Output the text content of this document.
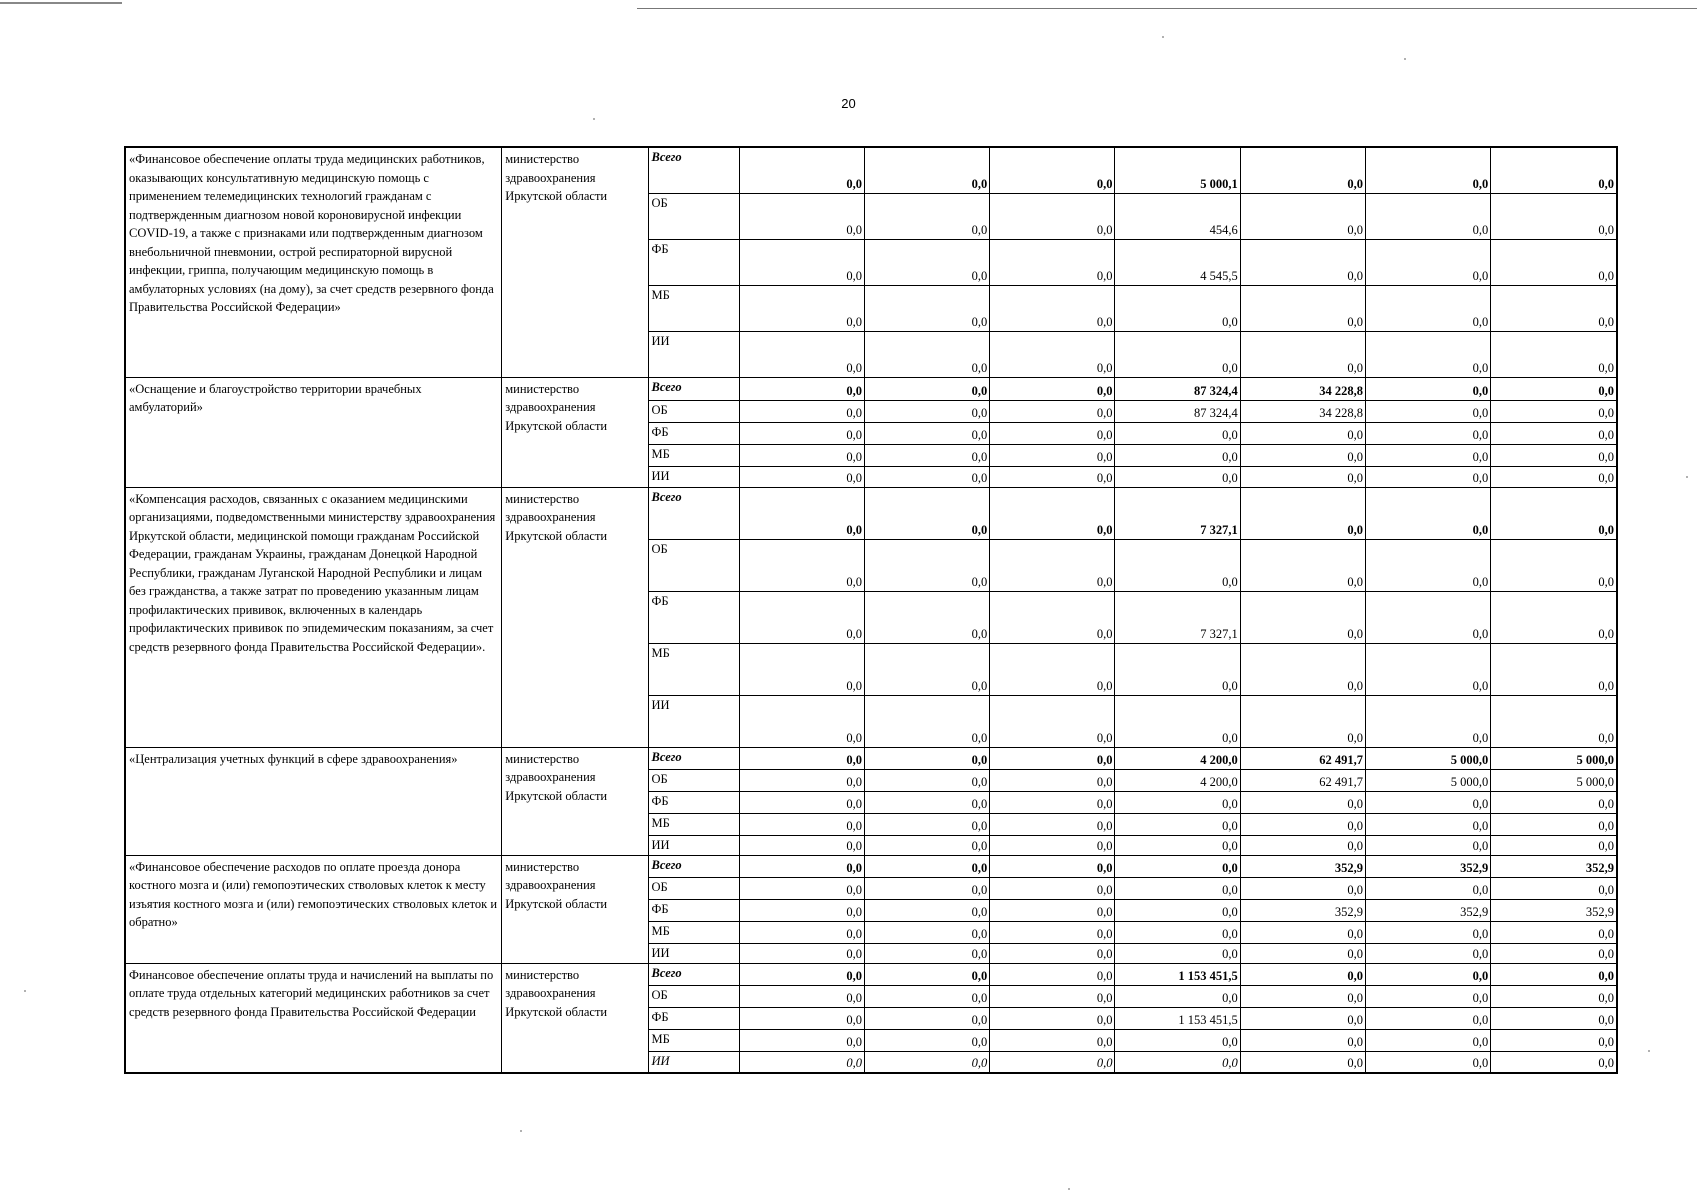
20
«Финансовое обеспечение оплаты труда медицинских работников, оказывающих консультативную медицинскую помощь с применением телемедицинских технологий гражданам с подтвержденным диагнозом новой короновирусной инфекции COVID-19, а также с признаками или подтвержденным диагнозом внебольничной пневмонии, острой респираторной вирусной инфекции, гриппа, получающим медицинскую помощь в амбулаторных условиях (на дому), за счет средств резервного фонда Правительства Российской Федерации»	министерство здравоохранения Иркутской области	Всего	0,0	0,0	0,0	5 000,1	0,0	0,0	0,0
		ОБ	0,0	0,0	0,0	454,6	0,0	0,0	0,0
		ФБ	0,0	0,0	0,0	4 545,5	0,0	0,0	0,0
		МБ	0,0	0,0	0,0	0,0	0,0	0,0	0,0
		ИИ	0,0	0,0	0,0	0,0	0,0	0,0	0,0
«Оснащение и благоустройство территории врачебных амбулаторий»	министерство здравоохранения Иркутской области	Всего	0,0	0,0	0,0	87 324,4	34 228,8	0,0	0,0
		ОБ	0,0	0,0	0,0	87 324,4	34 228,8	0,0	0,0
		ФБ	0,0	0,0	0,0	0,0	0,0	0,0	0,0
		МБ	0,0	0,0	0,0	0,0	0,0	0,0	0,0
		ИИ	0,0	0,0	0,0	0,0	0,0	0,0	0,0
«Компенсация расходов, связанных с оказанием медицинскими организациями, подведомственными министерству здравоохранения Иркутской области, медицинской помощи гражданам Российской Федерации, гражданам Украины, гражданам Донецкой Народной Республики, гражданам Луганской Народной Республики и лицам без гражданства, а также затрат по проведению указанным лицам профилактических прививок, включенных в календарь профилактических прививок по эпидемическим показаниям, за счет средств резервного фонда Правительства Российской Федерации».	министерство здравоохранения Иркутской области	Всего	0,0	0,0	0,0	7 327,1	0,0	0,0	0,0
		ОБ	0,0	0,0	0,0	0,0	0,0	0,0	0,0
		ФБ	0,0	0,0	0,0	7 327,1	0,0	0,0	0,0
		МБ	0,0	0,0	0,0	0,0	0,0	0,0	0,0
		ИИ	0,0	0,0	0,0	0,0	0,0	0,0	0,0
«Централизация учетных функций в сфере здравоохранения»	министерство здравоохранения Иркутской области	Всего	0,0	0,0	0,0	4 200,0	62 491,7	5 000,0	5 000,0
		ОБ	0,0	0,0	0,0	4 200,0	62 491,7	5 000,0	5 000,0
		ФБ	0,0	0,0	0,0	0,0	0,0	0,0	0,0
		МБ	0,0	0,0	0,0	0,0	0,0	0,0	0,0
		ИИ	0,0	0,0	0,0	0,0	0,0	0,0	0,0
«Финансовое обеспечение расходов по оплате проезда донора костного мозга и (или) гемопоэтических стволовых клеток к месту изъятия костного мозга и (или) гемопоэтических стволовых клеток и обратно»	министерство здравоохранения Иркутской области	Всего	0,0	0,0	0,0	0,0	352,9	352,9	352,9
		ОБ	0,0	0,0	0,0	0,0	0,0	0,0	0,0
		ФБ	0,0	0,0	0,0	0,0	352,9	352,9	352,9
		МБ	0,0	0,0	0,0	0,0	0,0	0,0	0,0
		ИИ	0,0	0,0	0,0	0,0	0,0	0,0	0,0
Финансовое обеспечение оплаты труда и начислений на выплаты по оплате труда отдельных категорий медицинских работников за счет средств резервного фонда Правительства Российской Федерации	министерство здравоохранения Иркутской области	Всего	0,0	0,0	0,0	1 153 451,5	0,0	0,0	0,0
		ОБ	0,0	0,0	0,0	0,0	0,0	0,0	0,0
		ФБ	0,0	0,0	0,0	1 153 451,5	0,0	0,0	0,0
		МБ	0,0	0,0	0,0	0,0	0,0	0,0	0,0
		ИИ	0,0	0,0	0,0	0,0	0,0	0,0	0,0
